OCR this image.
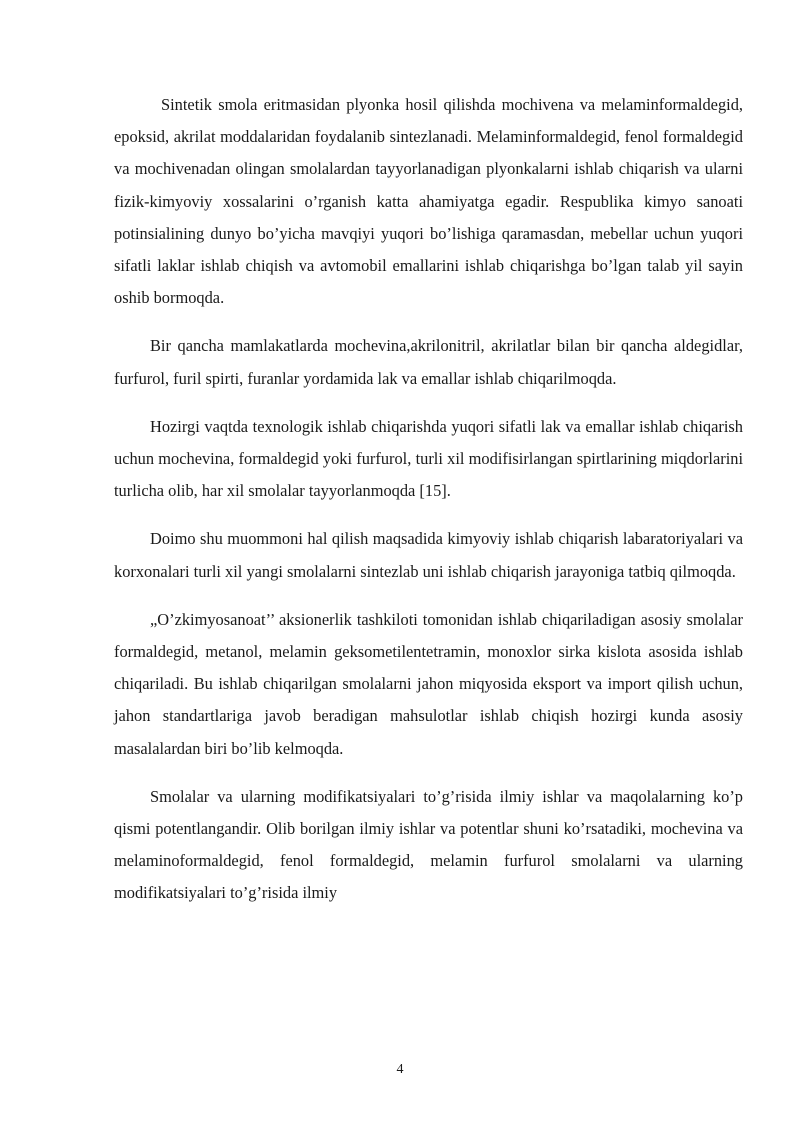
Sintetik smola eritmasidan plyonka hosil qilishda mochivena va melaminformaldegid, epoksid, akrilat moddalaridan foydalanib sintezlanadi. Melaminformaldegid, fenol formaldegid va mochivenadan olingan smolalardan tayyorlanadigan plyonkalarni ishlab chiqarish va ularni fizik-kimyoviy xossalarini o’rganish katta ahamiyatga egadir. Respublika kimyo sanoati potinsialining dunyo bo’yicha mavqiyi yuqori bo’lishiga qaramasdan, mebellar uchun yuqori sifatli laklar ishlab chiqish va avtomobil emallarini ishlab chiqarishga bo’lgan talab yil sayin oshib bormoqda.

Bir qancha mamlakatlarda mochevina,akrilonitril, akrilatlar bilan bir qancha aldegidlar, furfurol, furil spirti, furanlar yordamida lak va emallar ishlab chiqarilmoqda.

Hozirgi vaqtda texnologik ishlab chiqarishda yuqori sifatli lak va emallar ishlab chiqarish uchun mochevina, formaldegid yoki furfurol, turli xil modifisirlangan spirtlarining miqdorlarini turlicha olib, har xil smolalar tayyorlanmoqda [15].

Doimo shu muommoni hal qilish maqsadida kimyoviy ishlab chiqarish labaratoriyalari va korxonalari turli xil yangi smolalarni sintezlab uni ishlab chiqarish jarayoniga tatbiq qilmoqda.

„O’zkimyosanoat’’ aksionerlik tashkiloti tomonidan ishlab chiqariladigan asosiy smolalar formaldegid, metanol, melamin geksometilentetramin, monoxlor sirka kislota asosida ishlab chiqariladi. Bu ishlab chiqarilgan smolalarni jahon miqyosida eksport va import qilish uchun, jahon standartlariga javob beradigan mahsulotlar ishlab chiqish hozirgi kunda asosiy masalalardan biri bo’lib kelmoqda.

Smolalar va ularning modifikatsiyalari to’g’risida ilmiy ishlar va maqolalarning ko’p qismi potentlangandir. Olib borilgan ilmiy ishlar va potentlar shuni ko’rsatadiki, mochevina va melaminoformaldegid, fenol formaldegid, melamin furfurol smolalarni va ularning modifikatsiyalari to’g’risida ilmiy

4
